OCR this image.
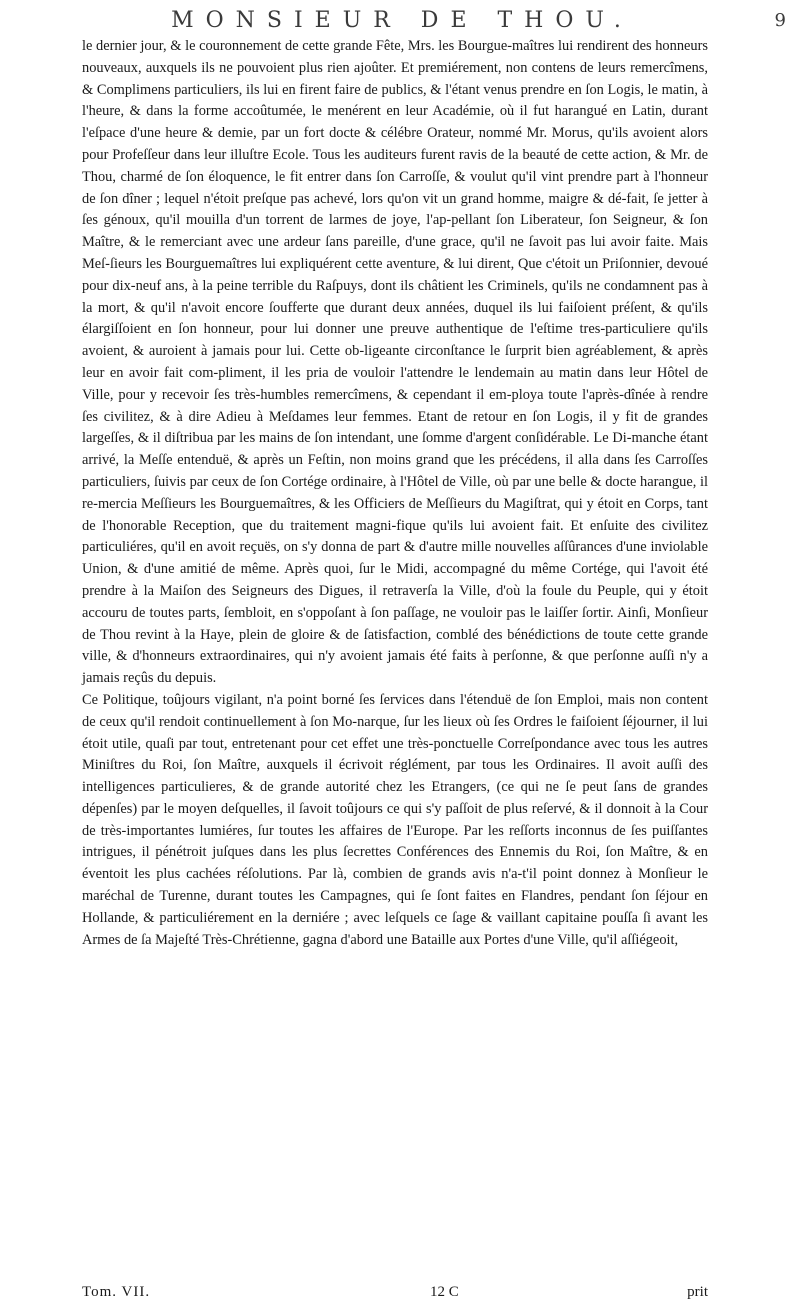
MONSIEUR DE THOU.	9

le dernier jour, & le couronnement de cette grande Fête, Mrs. les Bourgue-maîtres lui rendirent des honneurs nouveaux, auxquels ils ne pouvoient plus rien ajoûter. Et premiérement, non contens de leurs remercîmens, & Complimens particuliers, ils lui en firent faire de publics, & l'étant venus prendre en ſon Logis, le matin, à l'heure, & dans la forme accoûtumée, le menérent en leur Académie, où il fut harangué en Latin, durant l'eſpace d'une heure & demie, par un fort docte & célébre Orateur, nommé Mr. Morus, qu'ils avoient alors pour Profeſſeur dans leur illuſtre Ecole. Tous les auditeurs furent ravis de la beauté de cette action, & Mr. de Thou, charmé de ſon éloquence, le fit entrer dans ſon Carroſſe, & voulut qu'il vint prendre part à l'honneur de ſon dîner ; lequel n'étoit preſque pas achevé, lors qu'on vit un grand homme, maigre & dé-fait, ſe jetter à ſes génoux, qu'il mouilla d'un torrent de larmes de joye, l'ap-pellant ſon Liberateur, ſon Seigneur, & ſon Maître, & le remerciant avec une ardeur ſans pareille, d'une grace, qu'il ne ſavoit pas lui avoir faite. Mais Meſ-ſieurs les Bourguemaîtres lui expliquérent cette aventure, & lui dirent, Que c'étoit un Priſonnier, devoué pour dix-neuf ans, à la peine terrible du Raſpuys, dont ils châtient les Criminels, qu'ils ne condamnent pas à la mort, & qu'il n'avoit encore ſoufferte que durant deux années, duquel ils lui faiſoient préſent, & qu'ils élargiſſoient en ſon honneur, pour lui donner une preuve authentique de l'eſtime tres-particuliere qu'ils avoient, & auroient à jamais pour lui. Cette ob-ligeante circonſtance le ſurprit bien agréablement, & après leur en avoir fait com-pliment, il les pria de vouloir l'attendre le lendemain au matin dans leur Hôtel de Ville, pour y recevoir ſes très-humbles remercîmens, & cependant il em-ploya toute l'après-dînée à rendre ſes civilitez, & à dire Adieu à Meſdames leur femmes. Etant de retour en ſon Logis, il y fit de grandes largeſſes, & il diſtribua par les mains de ſon intendant, une ſomme d'argent conſidérable. Le Di-manche étant arrivé, la Meſſe entenduë, & après un Feſtin, non moins grand que les précédens, il alla dans ſes Carroſſes particuliers, ſuivis par ceux de ſon Cortége ordinaire, à l'Hôtel de Ville, où par une belle & docte harangue, il re-mercia Meſſieurs les Bourguemaîtres, & les Officiers de Meſſieurs du Magiſtrat, qui y étoit en Corps, tant de l'honorable Reception, que du traitement magni-fique qu'ils lui avoient fait. Et enſuite des civilitez particuliéres, qu'il en avoit reçuës, on s'y donna de part & d'autre mille nouvelles aſſûrances d'une inviolable Union, & d'une amitié de même. Après quoi, ſur le Midi, accompagné du même Cortége, qui l'avoit été prendre à la Maiſon des Seigneurs des Digues, il retraverſa la Ville, d'où la foule du Peuple, qui y étoit accouru de toutes parts, ſembloit, en s'oppoſant à ſon paſſage, ne vouloir pas le laiſſer ſortir. Ainſi, Monſieur de Thou revint à la Haye, plein de gloire & de ſatisfaction, comblé des bénédictions de toute cette grande ville, & d'honneurs extraordinaires, qui n'y avoient jamais été faits à perſonne, & que perſonne auſſi n'y a jamais reçûs du depuis.

Ce Politique, toûjours vigilant, n'a point borné ſes ſervices dans l'étenduë de ſon Emploi, mais non content de ceux qu'il rendoit continuellement à ſon Mo-narque, ſur les lieux où ſes Ordres le faiſoient ſéjourner, il lui étoit utile, quaſi par tout, entretenant pour cet effet une très-ponctuelle Correſpondance avec tous les autres Miniſtres du Roi, ſon Maître, auxquels il écrivoit réglément, par tous les Ordinaires. Il avoit auſſi des intelligences particulieres, & de grande autorité chez les Etrangers, (ce qui ne ſe peut ſans de grandes dépenſes) par le moyen deſquelles, il ſavoit toûjours ce qui s'y paſſoit de plus reſervé, & il donnoit à la Cour de très-importantes lumiéres, ſur toutes les affaires de l'Europe. Par les reſſorts inconnus de ſes puiſſantes intrigues, il pénétroit juſques dans les plus ſecrettes Conférences des Ennemis du Roi, ſon Maître, & en éventoit les plus cachées réſolutions. Par là, combien de grands avis n'a-t'il point donnez à Monſieur le maréchal de Turenne, durant toutes les Campagnes, qui ſe ſont faites en Flandres, pendant ſon ſéjour en Hollande, & particuliérement en la derniére ; avec leſquels ce ſage & vaillant capitaine pouſſa ſi avant les Armes de ſa Majeſté Très-Chrétienne, gagna d'abord une Bataille aux Portes d'une Ville, qu'il aſſiégeoit,

Tom. VII.	12 C	prit
